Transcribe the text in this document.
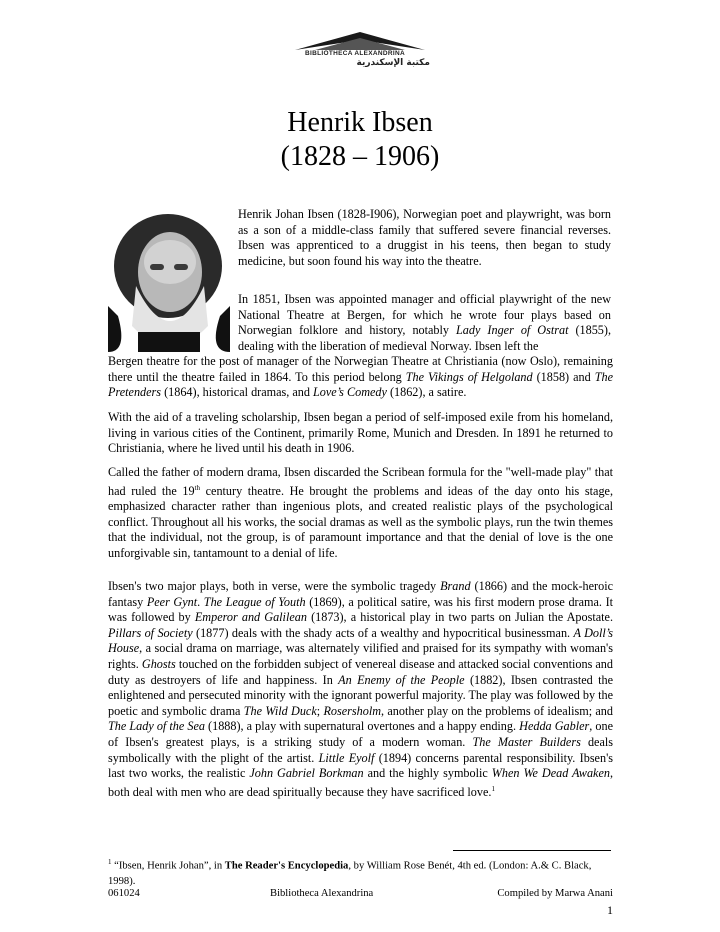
BIBLIOTHECA ALEXANDRINA
مكتبة الإسكندرية
Henrik Ibsen
(1828 – 1906)

Henrik Johan Ibsen (1828-I906), Norwegian poet and playwright, was born as a son of a middle-class family that suffered severe financial reverses. Ibsen was apprenticed to a druggist in his teens, then began to study medicine, but soon found his way into the theatre.

In 1851, Ibsen was appointed manager and official playwright of the new National Theatre at Bergen, for which he wrote four plays based on Norwegian folklore and history, notably Lady Inger of Ostrat (1855), dealing with the liberation of medieval Norway. Ibsen left the

Bergen theatre for the post of manager of the Norwegian Theatre at Christiania (now Oslo), remaining there until the theatre failed in 1864. To this period belong The Vikings of Helgoland (1858) and The Pretenders (1864), historical dramas, and Love’s Comedy (1862), a satire.

With the aid of a traveling scholarship, Ibsen began a period of self-imposed exile from his homeland, living in various cities of the Continent, primarily Rome, Munich and Dresden. In 1891 he returned to Christiania, where he lived until his death in 1906.

Called the father of modern drama, Ibsen discarded the Scribean formula for the "well-made play" that had ruled the 19th century theatre. He brought the problems and ideas of the day onto his stage, emphasized character rather than ingenious plots, and created realistic plays of the psychological conflict. Throughout all his works, the social dramas as well as the symbolic plays, run the twin themes that the individual, not the group, is of paramount importance and that the denial of love is the one unforgivable sin, tantamount to a denial of life.

Ibsen's two major plays, both in verse, were the symbolic tragedy Brand (1866) and the mock-heroic fantasy Peer Gynt. The League of Youth (1869), a political satire, was his first modern prose drama. It was followed by Emperor and Galilean (1873), a historical play in two parts on Julian the Apostate. Pillars of Society (1877) deals with the shady acts of a wealthy and hypocritical businessman. A Doll’s House, a social drama on marriage, was alternately vilified and praised for its sympathy with woman's rights. Ghosts touched on the forbidden subject of venereal disease and attacked social conventions and duty as destroyers of life and happiness. In An Enemy of the People (1882), Ibsen contrasted the enlightened and persecuted minority with the ignorant powerful majority. The play was followed by the poetic and symbolic drama The Wild Duck; Rosersholm, another play on the problems of idealism; and The Lady of the Sea (1888), a play with supernatural overtones and a happy ending. Hedda Gabler, one of Ibsen's greatest plays, is a striking study of a modern woman. The Master Builders deals symbolically with the plight of the artist. Little Eyolf (1894) concerns parental responsibility. Ibsen's last two works, the realistic John Gabriel Borkman and the highly symbolic When We Dead Awaken, both deal with men who are dead spiritually because they have sacrificed love.$^1$

$^1$ “Ibsen, Henrik Johan”, in The Reader's Encyclopedia, by William Rose Benét, 4th ed. (London: A.& C. Black, 1998).
061024	Bibliotheca Alexandrina	Compiled by Marwa Anani
1
